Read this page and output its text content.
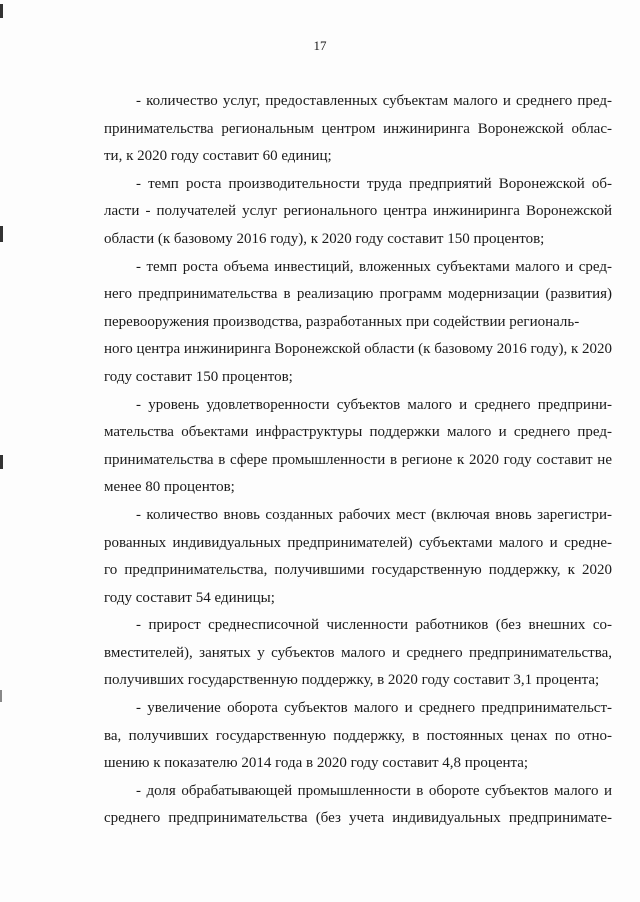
17
- количество услуг, предоставленных субъектам малого и среднего пред-
принимательства региональным центром инжиниринга Воронежской облас-
ти, к 2020 году составит 60 единиц;
- темп роста производительности труда предприятий Воронежской об-
ласти - получателей услуг регионального центра инжиниринга Воронежской
области (к базовому 2016 году), к 2020 году составит 150 процентов;
- темп роста объема инвестиций, вложенных субъектами малого и сред-
него предпринимательства в реализацию программ модернизации (развития)
перевооружения производства, разработанных при содействии региональ-
ного центра инжиниринга Воронежской области (к базовому 2016 году), к 2020
году составит 150 процентов;
- уровень удовлетворенности субъектов малого и среднего предприни-
мательства объектами инфраструктуры поддержки малого и среднего пред-
принимательства в сфере промышленности в регионе к 2020 году составит не
менее 80 процентов;
- количество вновь созданных рабочих мест (включая вновь зарегистри-
рованных индивидуальных предпринимателей) субъектами малого и средне-
го предпринимательства, получившими государственную поддержку, к 2020
году составит 54 единицы;
- прирост среднесписочной численности работников (без внешних со-
вместителей), занятых у субъектов малого и среднего предпринимательства,
получивших государственную поддержку, в 2020 году составит 3,1 процента;
- увеличение оборота субъектов малого и среднего предпринимательст-
ва, получивших государственную поддержку, в постоянных ценах по отно-
шению к показателю 2014 года в 2020 году составит 4,8 процента;
- доля обрабатывающей промышленности в обороте субъектов малого и
среднего предпринимательства (без учета индивидуальных предпринимате-
